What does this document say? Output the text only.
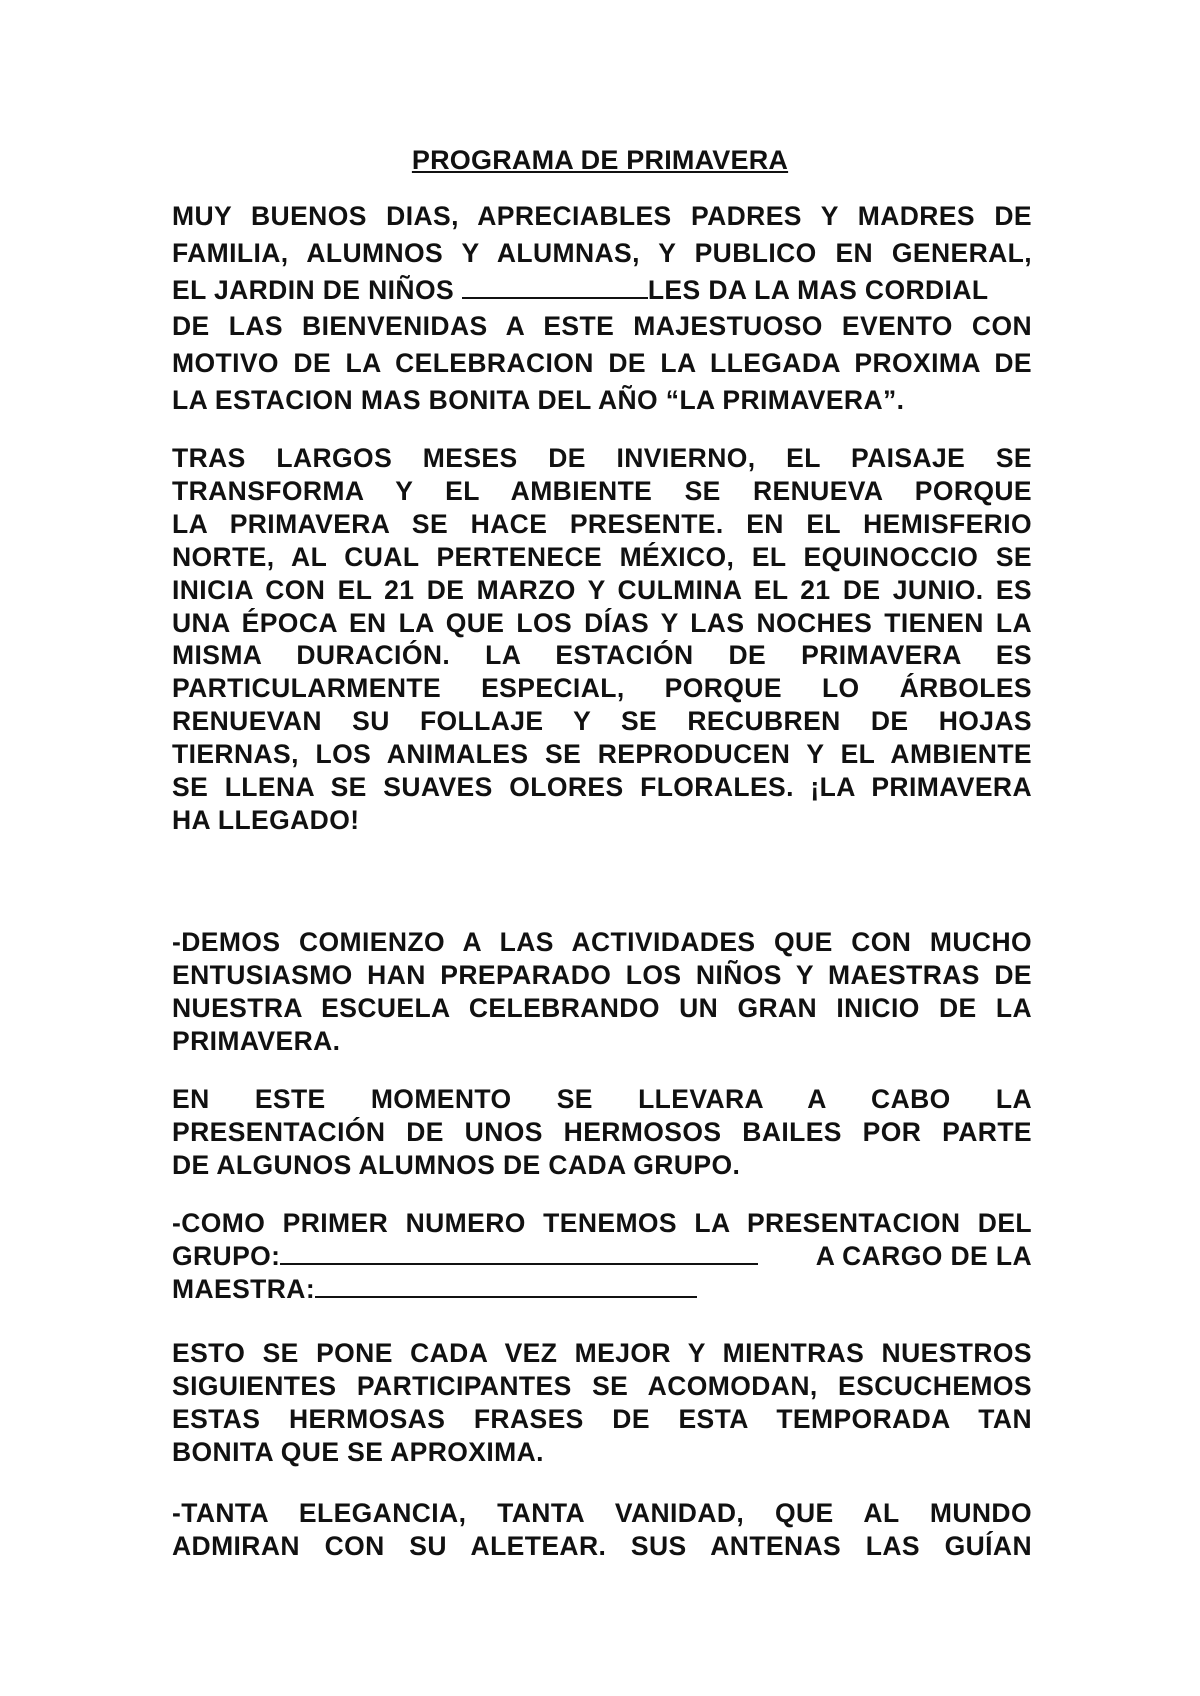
PROGRAMA DE PRIMAVERA
MUY BUENOS DIAS, APRECIABLES PADRES Y MADRES DE
FAMILIA, ALUMNOS Y ALUMNAS, Y PUBLICO EN GENERAL,
EL JARDIN DE NIÑOS	LES DA LA MAS CORDIAL
DE LAS BIENVENIDAS A ESTE MAJESTUOSO EVENTO CON
MOTIVO DE LA CELEBRACION DE LA LLEGADA PROXIMA DE
LA ESTACION MAS BONITA DEL AÑO “LA PRIMAVERA”.
TRAS LARGOS MESES DE INVIERNO, EL PAISAJE SE
TRANSFORMA Y EL AMBIENTE SE RENUEVA PORQUE
LA PRIMAVERA SE HACE PRESENTE. EN EL HEMISFERIO
NORTE, AL CUAL PERTENECE MÉXICO, EL EQUINOCCIO SE
INICIA CON EL 21 DE MARZO Y CULMINA EL 21 DE JUNIO. ES
UNA ÉPOCA EN LA QUE LOS DÍAS Y LAS NOCHES TIENEN LA
MISMA DURACIÓN. LA ESTACIÓN DE PRIMAVERA ES
PARTICULARMENTE ESPECIAL, PORQUE LO ÁRBOLES
RENUEVAN SU FOLLAJE Y SE RECUBREN DE HOJAS
TIERNAS, LOS ANIMALES SE REPRODUCEN Y EL AMBIENTE
SE LLENA SE SUAVES OLORES FLORALES. ¡LA PRIMAVERA
HA LLEGADO!
-DEMOS COMIENZO A LAS ACTIVIDADES QUE CON MUCHO
ENTUSIASMO HAN PREPARADO LOS NIÑOS Y MAESTRAS DE
NUESTRA ESCUELA CELEBRANDO UN GRAN INICIO DE LA
PRIMAVERA.
EN ESTE MOMENTO SE LLEVARA A CABO LA
PRESENTACIÓN DE UNOS HERMOSOS BAILES POR PARTE
DE ALGUNOS ALUMNOS DE CADA GRUPO.
-COMO PRIMER NUMERO TENEMOS LA PRESENTACION DEL
GRUPO:	A CARGO DE LA
MAESTRA:
ESTO SE PONE CADA VEZ MEJOR Y MIENTRAS NUESTROS
SIGUIENTES PARTICIPANTES SE ACOMODAN, ESCUCHEMOS
ESTAS HERMOSAS FRASES DE ESTA TEMPORADA TAN
BONITA QUE SE APROXIMA.
-TANTA ELEGANCIA, TANTA VANIDAD, QUE AL MUNDO
ADMIRAN CON SU ALETEAR. SUS ANTENAS LAS GUÍAN
